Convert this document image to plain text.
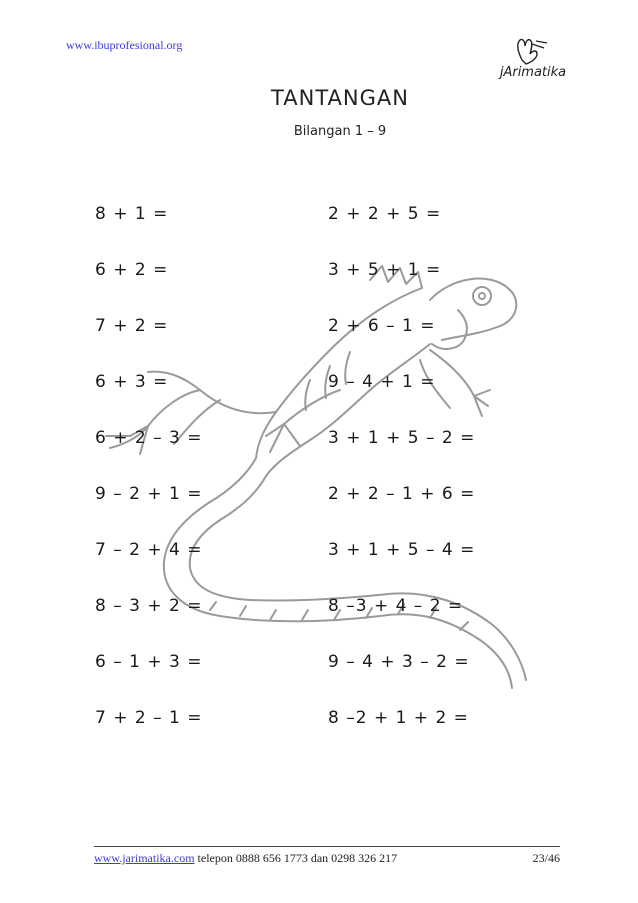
www.ibuprofesional.org
jArimatika
TANTANGAN
Bilangan 1 – 9
8 + 1 =
6 + 2 =
7 + 2 =
6 + 3 =
6 + 2 – 3 =
9 – 2 + 1 =
7 – 2 + 4 =
8 – 3 + 2 =
6 – 1 + 3 =
7 + 2 – 1 =
2 + 2 + 5 =
3 + 5 + 1 =
2 + 6 – 1 =
9 – 4 + 1 =
3 + 1 + 5 – 2 =
2 + 2 – 1 + 6 =
3 + 1 + 5 – 4 =
8 –3 + 4 – 2 =
9 – 4 + 3 – 2 =
8 –2 + 1 + 2 =
www.jarimatika.com telepon 0888 656 1773 dan 0298 326 217	23/46
